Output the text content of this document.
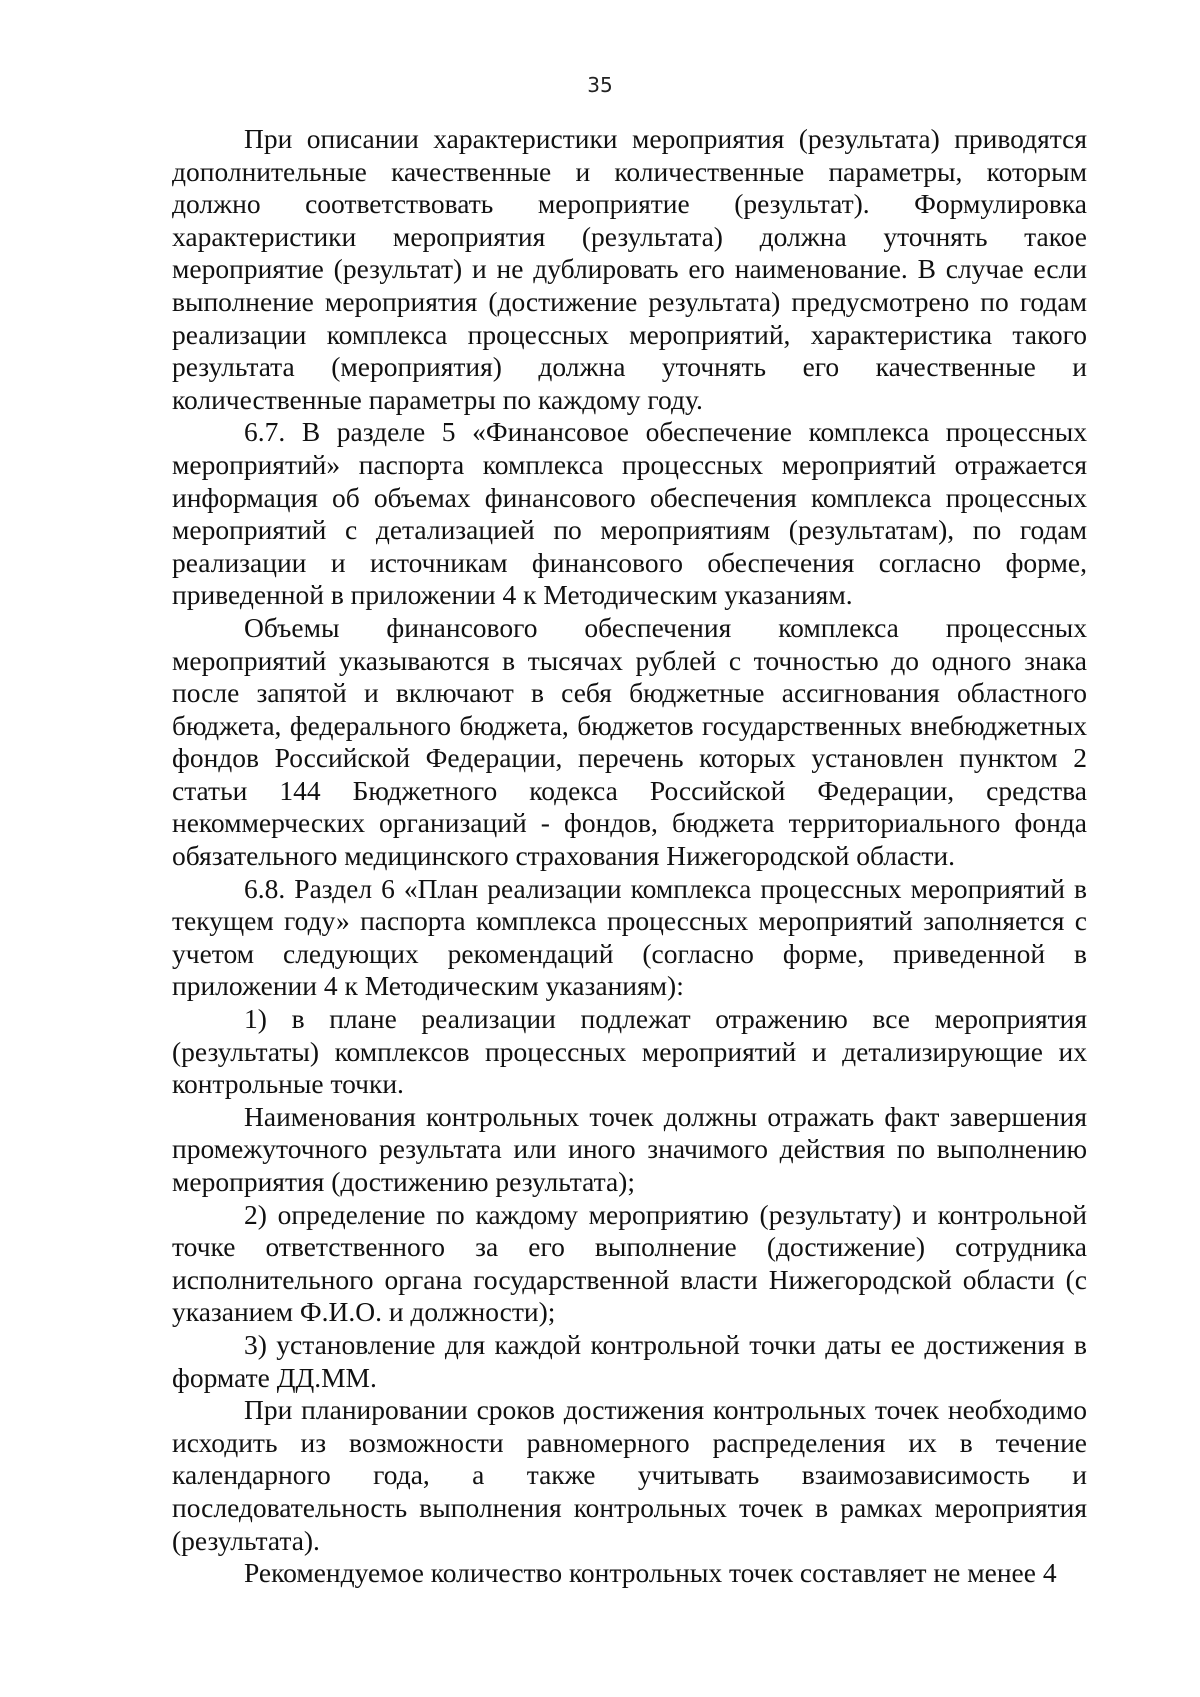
35

При описании характеристики мероприятия (результата) приводятся дополнительные качественные и количественные параметры, которым должно соответствовать мероприятие (результат). Формулировка характеристики мероприятия (результата) должна уточнять такое мероприятие (результат) и не дублировать его наименование. В случае если выполнение мероприятия (достижение результата) предусмотрено по годам реализации комплекса процессных мероприятий, характеристика такого результата (мероприятия) должна уточнять его качественные и количественные параметры по каждому году.

6.7. В разделе 5 «Финансовое обеспечение комплекса процессных мероприятий» паспорта комплекса процессных мероприятий отражается информация об объемах финансового обеспечения комплекса процессных мероприятий с детализацией по мероприятиям (результатам), по годам реализации и источникам финансового обеспечения согласно форме, приведенной в приложении 4 к Методическим указаниям.

Объемы финансового обеспечения комплекса процессных мероприятий указываются в тысячах рублей с точностью до одного знака после запятой и включают в себя бюджетные ассигнования областного бюджета, федерального бюджета, бюджетов государственных внебюджетных фондов Российской Федерации, перечень которых установлен пунктом 2 статьи 144 Бюджетного кодекса Российской Федерации, средства некоммерческих организаций - фондов, бюджета территориального фонда обязательного медицинского страхования Нижегородской области.

6.8. Раздел 6 «План реализации комплекса процессных мероприятий в текущем году» паспорта комплекса процессных мероприятий заполняется с учетом следующих рекомендаций (согласно форме, приведенной в приложении 4 к Методическим указаниям):

1) в плане реализации подлежат отражению все мероприятия (результаты) комплексов процессных мероприятий и детализирующие их контрольные точки.

Наименования контрольных точек должны отражать факт завершения промежуточного результата или иного значимого действия по выполнению мероприятия (достижению результата);

2) определение по каждому мероприятию (результату) и контрольной точке ответственного за его выполнение (достижение) сотрудника исполнительного органа государственной власти Нижегородской области (с указанием Ф.И.О. и должности);

3) установление для каждой контрольной точки даты ее достижения в формате ДД.ММ.

При планировании сроков достижения контрольных точек необходимо исходить из возможности равномерного распределения их в течение календарного года, а также учитывать взаимозависимость и последовательность выполнения контрольных точек в рамках мероприятия (результата).

Рекомендуемое количество контрольных точек составляет не менее 4
